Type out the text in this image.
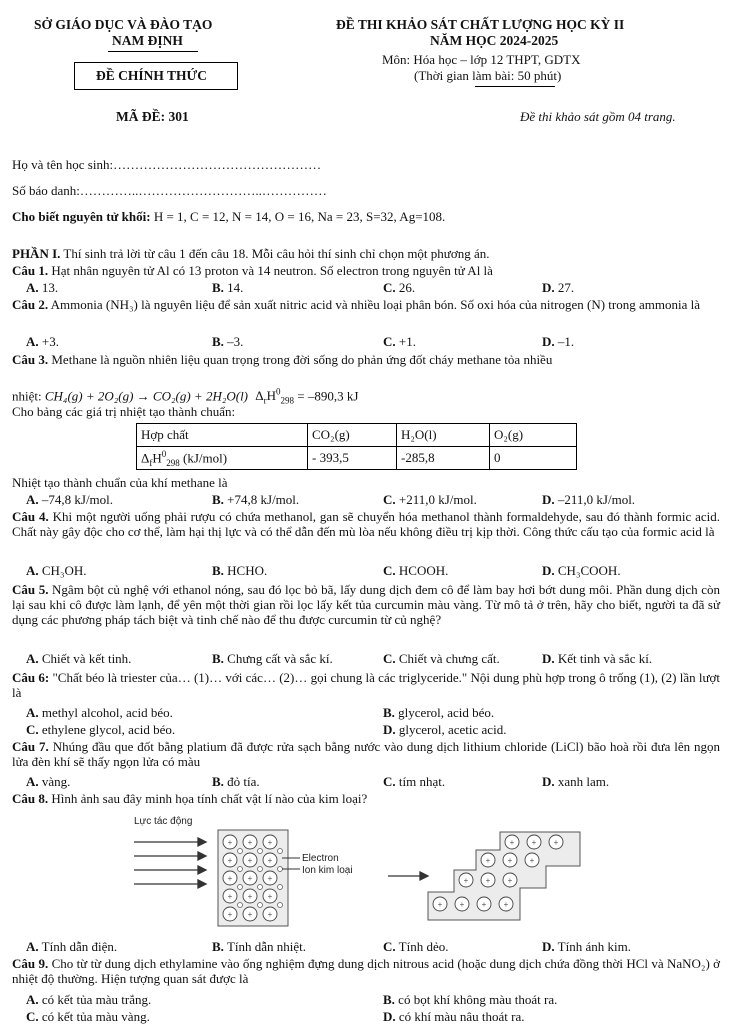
SỞ GIÁO DỤC VÀ ĐÀO TẠO
NAM ĐỊNH
ĐỀ CHÍNH THỨC
ĐỀ THI KHẢO SÁT CHẤT LƯỢNG HỌC KỲ II
NĂM HỌC 2024-2025
Môn: Hóa học – lớp 12 THPT, GDTX
(Thời gian làm bài: 50 phút)
MÃ ĐỀ: 301	Đề thi khảo sát gồm 04 trang.
Họ và tên học sinh:…………………………………………
Số báo danh:…………..………………………..……………
Cho biết nguyên tử khối: H = 1, C = 12, N = 14, O = 16, Na = 23, S=32, Ag=108.
PHẦN I. Thí sinh trả lời từ câu 1 đến câu 18. Mỗi câu hỏi thí sinh chỉ chọn một phương án.
Câu 1. Hạt nhân nguyên tử Al có 13 proton và 14 neutron. Số electron trong nguyên tử Al là
A. 13.	B. 14.	C. 26.	D. 27.
Câu 2. Ammonia (NH₃) là nguyên liệu để sản xuất nitric acid và nhiều loại phân bón. Số oxi hóa của nitrogen (N) trong ammonia là
A. +3.	B. –3.	C. +1.	D. –1.
Câu 3. Methane là nguồn nhiên liệu quan trọng trong đời sống do phản ứng đốt cháy methane tỏa nhiều
nhiệt: CH₄(g) + 2O₂(g) → CO₂(g) + 2H₂O(l) $\Delta_rH^0_{298} = -890,3$ kJ
Cho bảng các giá trị nhiệt tạo thành chuẩn:
Hợp chất	CO₂(g)	H₂O(l)	O₂(g)
$\Delta_fH^0_{298}$ (kJ/mol)	- 393,5	-285,8	0
Nhiệt tạo thành chuẩn của khí methane là
A. –74,8 kJ/mol.	B. +74,8 kJ/mol.	C. +211,0 kJ/mol.	D. –211,0 kJ/mol.
Câu 4. Khi một người uống phải rượu có chứa methanol, gan sẽ chuyển hóa methanol thành formaldehyde, sau đó thành formic acid. Chất này gây độc cho cơ thể, làm hại thị lực và có thể dẫn đến mù lòa nếu không điều trị kịp thời. Công thức cấu tạo của formic acid là
A. CH₃OH.	B. HCHO.	C. HCOOH.	D. CH₃COOH.
Câu 5. Ngâm bột củ nghệ với ethanol nóng, sau đó lọc bỏ bã, lấy dung dịch đem cô để làm bay hơi bớt dung môi. Phần dung dịch còn lại sau khi cô được làm lạnh, để yên một thời gian rồi lọc lấy kết tủa curcumin màu vàng. Từ mô tả ở trên, hãy cho biết, người ta đã sử dụng các phương pháp tách biệt và tinh chế nào để thu được curcumin từ củ nghệ?
A. Chiết và kết tinh.	B. Chưng cất và sắc kí.	C. Chiết và chưng cất.	D. Kết tinh và sắc kí.
Câu 6: "Chất béo là triester của… (1)… với các… (2)… gọi chung là các triglyceride." Nội dung phù hợp trong ô trống (1), (2) lần lượt là
A. methyl alcohol, acid béo.	B. glycerol, acid béo.
C. ethylene glycol, acid béo.	D. glycerol, acetic acid.
Câu 7. Nhúng đầu que đốt bằng platium đã được rửa sạch bằng nước vào dung dịch lithium chloride (LiCl) bão hoà rồi đưa lên ngọn lửa đèn khí sẽ thấy ngọn lửa có màu
A. vàng.	B. đỏ tía.	C. tím nhạt.	D. xanh lam.
Câu 8. Hình ảnh sau đây minh họa tính chất vật lí nào của kim loại?
Lực tác động
+ + +
+ + +
+ + +
+ + +
+ + +
Electron
Ion kim loại
+ + +
+ + +
+ + +
+ + + +
A. Tính dẫn điện.	B. Tính dẫn nhiệt.	C. Tính dẻo.	D. Tính ánh kim.
Câu 9. Cho từ từ dung dịch ethylamine vào ống nghiệm đựng dung dịch nitrous acid (hoặc dung dịch chứa đồng thời HCl và NaNO₂) ở nhiệt độ thường. Hiện tượng quan sát được là
A. có kết tủa màu trắng.	B. có bọt khí không màu thoát ra.
C. có kết tủa màu vàng.	D. có khí màu nâu thoát ra.
